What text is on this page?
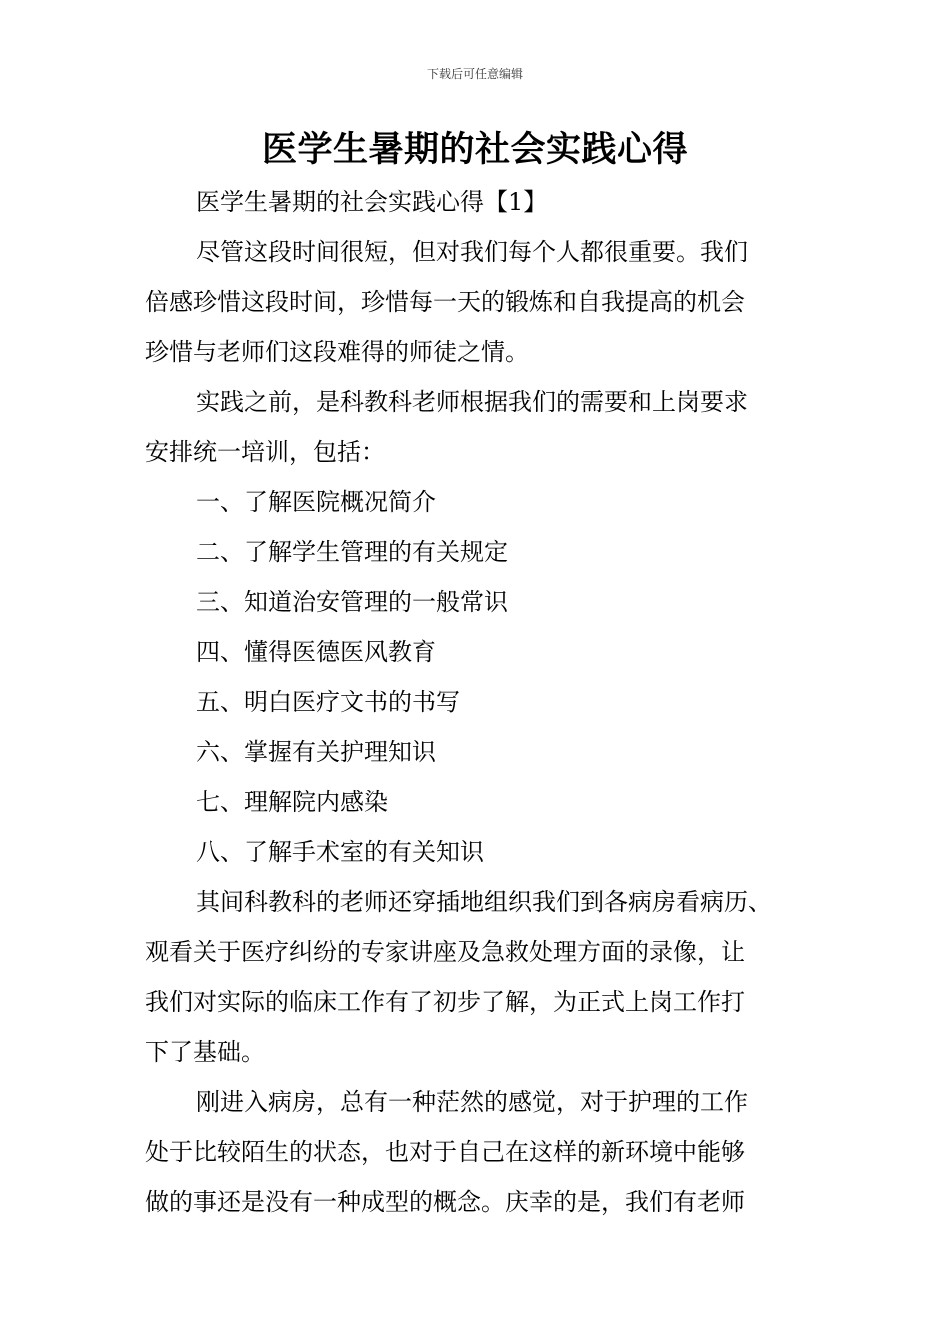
下载后可任意编辑
医学生暑期的社会实践心得
医学生暑期的社会实践心得【1】
尽管这段时间很短，但对我们每个人都很重要。我们
倍感珍惜这段时间，珍惜每一天的锻炼和自我提高的机会
珍惜与老师们这段难得的师徒之情。
实践之前，是科教科老师根据我们的需要和上岗要求
安排统一培训，包括：
一、了解医院概况简介
二、了解学生管理的有关规定
三、知道治安管理的一般常识
四、懂得医德医风教育
五、明白医疗文书的书写
六、掌握有关护理知识
七、理解院内感染
八、了解手术室的有关知识
其间科教科的老师还穿插地组织我们到各病房看病历、
观看关于医疗纠纷的专家讲座及急救处理方面的录像，让
我们对实际的临床工作有了初步了解，为正式上岗工作打
下了基础。
刚进入病房，总有一种茫然的感觉，对于护理的工作
处于比较陌生的状态，也对于自己在这样的新环境中能够
做的事还是没有一种成型的概念。庆幸的是，我们有老师
